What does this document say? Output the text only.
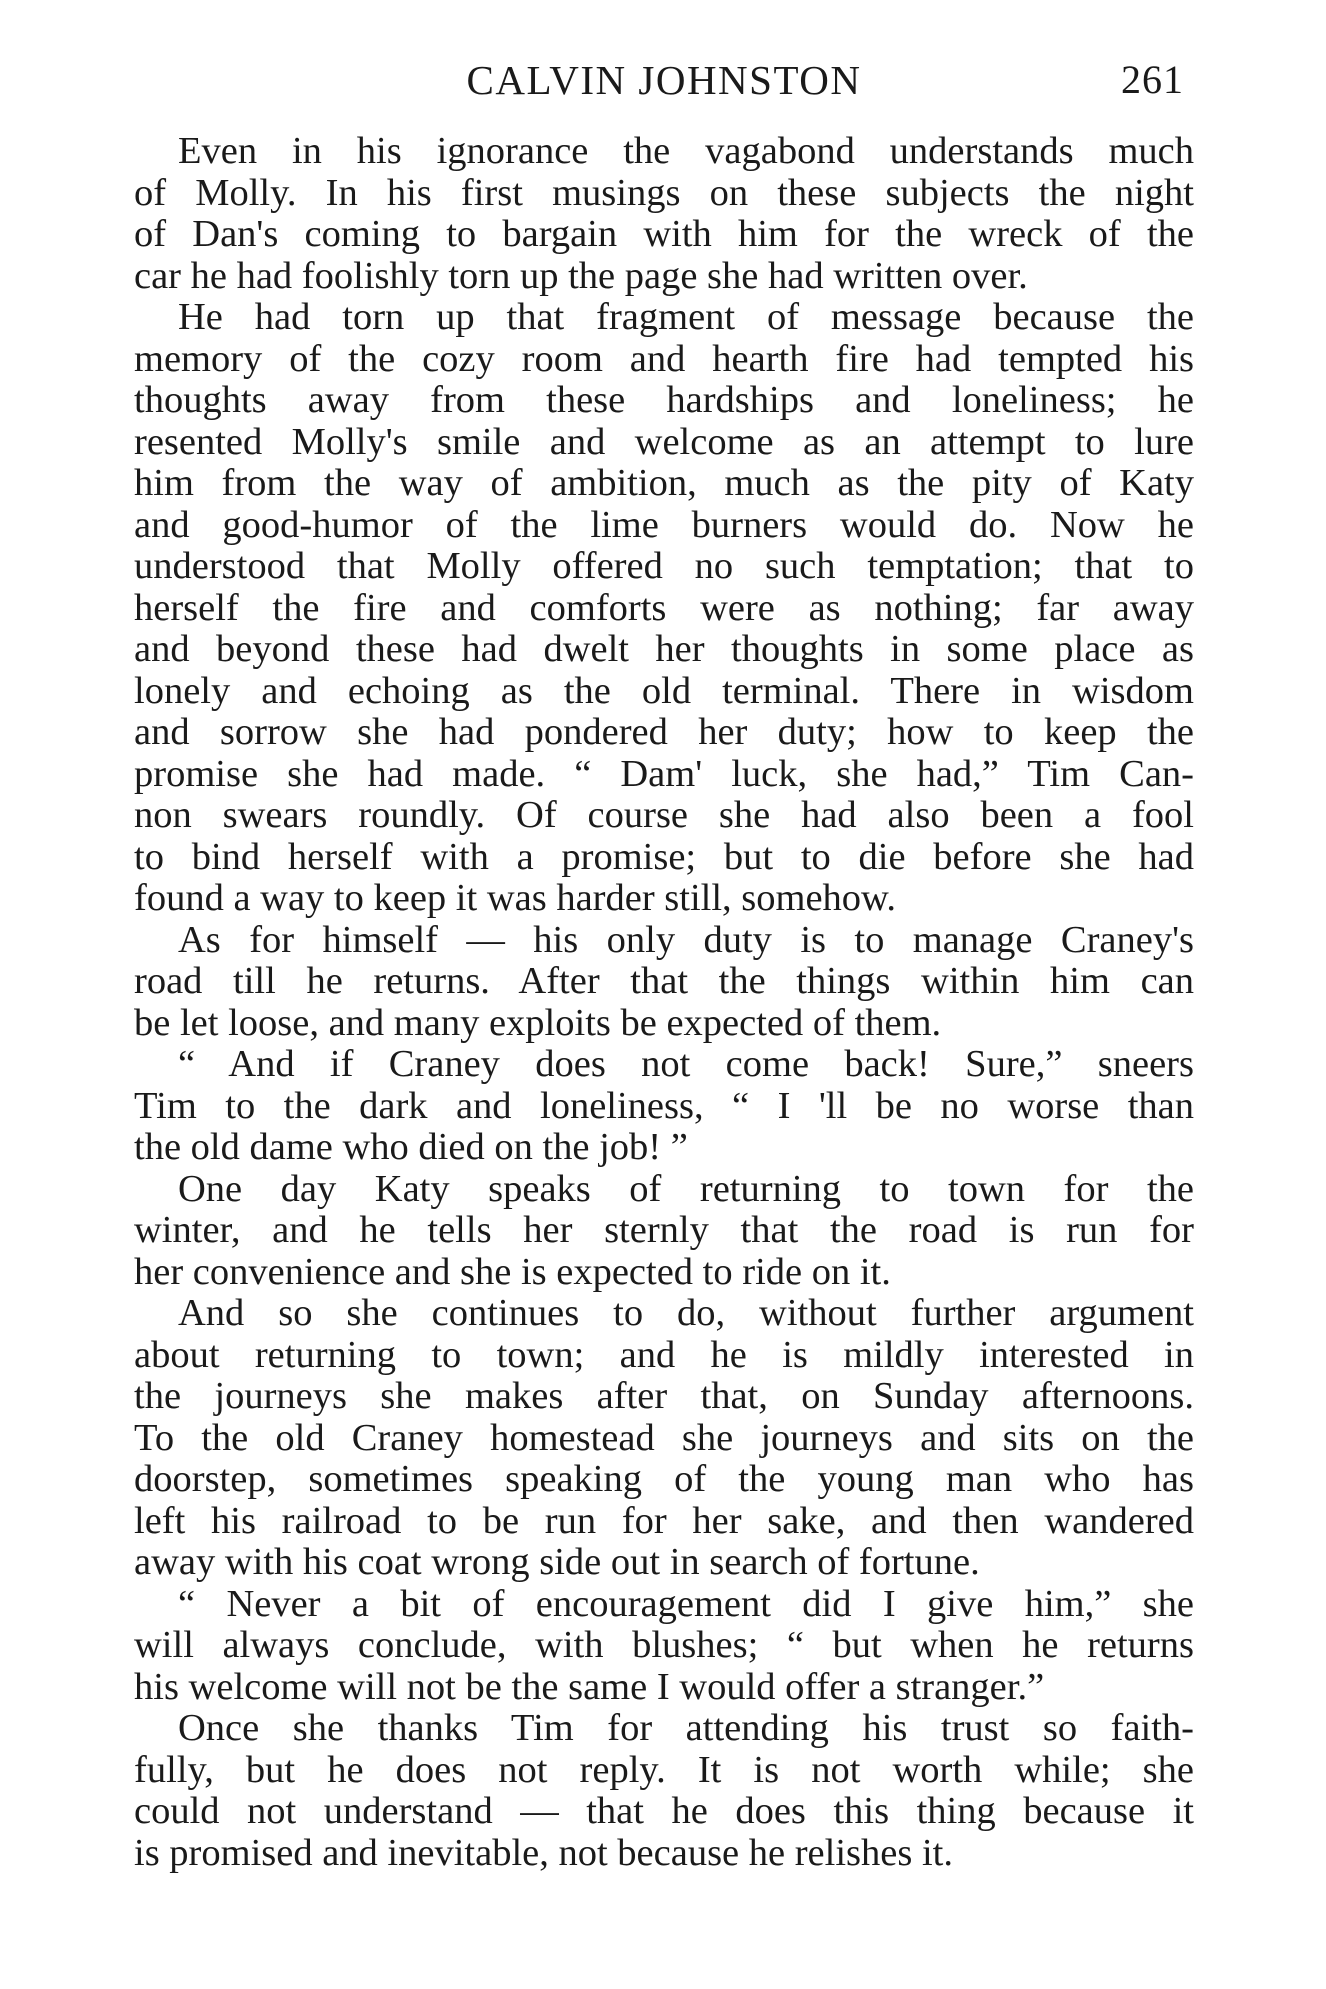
CALVIN JOHNSTON	261
Even in his ignorance the vagabond understands much
of Molly. In his first musings on these subjects the night
of Dan's coming to bargain with him for the wreck of the
car he had foolishly torn up the page she had written over.
He had torn up that fragment of message because the
memory of the cozy room and hearth fire had tempted his
thoughts away from these hardships and loneliness; he
resented Molly's smile and welcome as an attempt to lure
him from the way of ambition, much as the pity of Katy
and good-humor of the lime burners would do. Now he
understood that Molly offered no such temptation; that to
herself the fire and comforts were as nothing; far away
and beyond these had dwelt her thoughts in some place as
lonely and echoing as the old terminal. There in wisdom
and sorrow she had pondered her duty; how to keep the
promise she had made. “ Dam' luck, she had,” Tim Can-
non swears roundly. Of course she had also been a fool
to bind herself with a promise; but to die before she had
found a way to keep it was harder still, somehow.
As for himself — his only duty is to manage Craney's
road till he returns. After that the things within him can
be let loose, and many exploits be expected of them.
“ And if Craney does not come back! Sure,” sneers
Tim to the dark and loneliness, “ I 'll be no worse than
the old dame who died on the job! ”
One day Katy speaks of returning to town for the
winter, and he tells her sternly that the road is run for
her convenience and she is expected to ride on it.
And so she continues to do, without further argument
about returning to town; and he is mildly interested in
the journeys she makes after that, on Sunday afternoons.
To the old Craney homestead she journeys and sits on the
doorstep, sometimes speaking of the young man who has
left his railroad to be run for her sake, and then wandered
away with his coat wrong side out in search of fortune.
“ Never a bit of encouragement did I give him,” she
will always conclude, with blushes; “ but when he returns
his welcome will not be the same I would offer a stranger.”
Once she thanks Tim for attending his trust so faith-
fully, but he does not reply. It is not worth while; she
could not understand — that he does this thing because it
is promised and inevitable, not because he relishes it.
